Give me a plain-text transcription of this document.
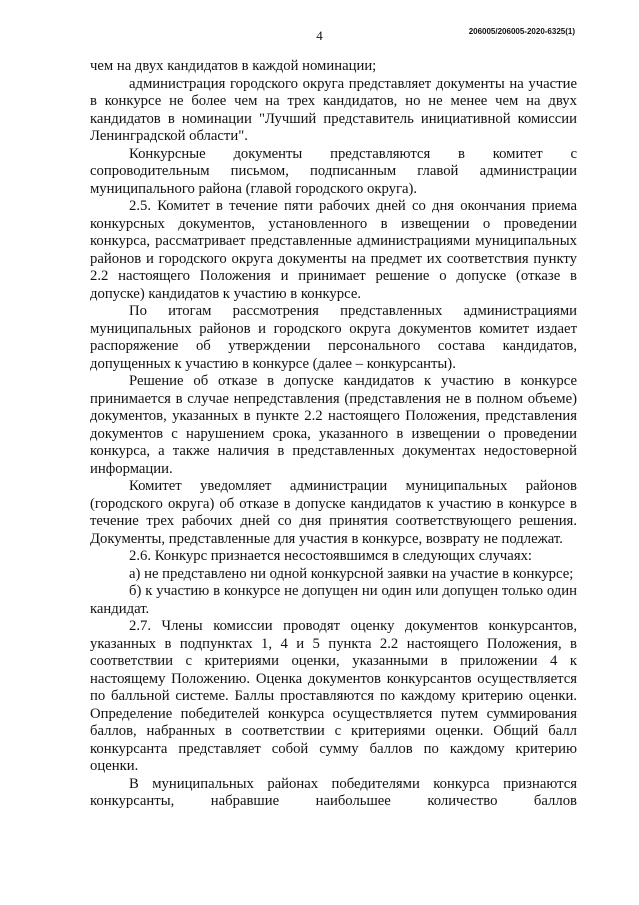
4	206005/206005-2020-6325(1)

чем на двух кандидатов в каждой номинации;

администрация городского округа представляет документы на участие в конкурсе не более чем на трех кандидатов, но не менее чем на двух кандидатов в номинации "Лучший представитель инициативной комиссии Ленинградской области".

Конкурсные документы представляются в комитет с сопроводительным письмом, подписанным главой администрации муниципального района (главой городского округа).

2.5. Комитет в течение пяти рабочих дней со дня окончания приема конкурсных документов, установленного в извещении о проведении конкурса, рассматривает представленные администрациями муниципальных районов и городского округа документы на предмет их соответствия пункту 2.2 настоящего Положения и принимает решение о допуске (отказе в допуске) кандидатов к участию в конкурсе.

По итогам рассмотрения представленных администрациями муниципальных районов и городского округа документов комитет издает распоряжение об утверждении персонального состава кандидатов, допущенных к участию в конкурсе (далее – конкурсанты).

Решение об отказе в допуске кандидатов к участию в конкурсе принимается в случае непредставления (представления не в полном объеме) документов, указанных в пункте 2.2 настоящего Положения, представления документов с нарушением срока, указанного в извещении о проведении конкурса, а также наличия в представленных документах недостоверной информации.

Комитет уведомляет администрации муниципальных районов (городского округа) об отказе в допуске кандидатов к участию в конкурсе в течение трех рабочих дней со дня принятия соответствующего решения. Документы, представленные для участия в конкурсе, возврату не подлежат.

2.6. Конкурс признается несостоявшимся в следующих случаях:

а) не представлено ни одной конкурсной заявки на участие в конкурсе;

б) к участию в конкурсе не допущен ни один или допущен только один кандидат.

2.7. Члены комиссии проводят оценку документов конкурсантов, указанных в подпунктах 1, 4 и 5 пункта 2.2 настоящего Положения, в соответствии с критериями оценки, указанными в приложении 4 к настоящему Положению. Оценка документов конкурсантов осуществляется по балльной системе. Баллы проставляются по каждому критерию оценки. Определение победителей конкурса осуществляется путем суммирования баллов, набранных в соответствии с критериями оценки. Общий балл конкурсанта представляет собой сумму баллов по каждому критерию оценки.

В муниципальных районах победителями конкурса признаются конкурсанты, набравшие наибольшее количество баллов
